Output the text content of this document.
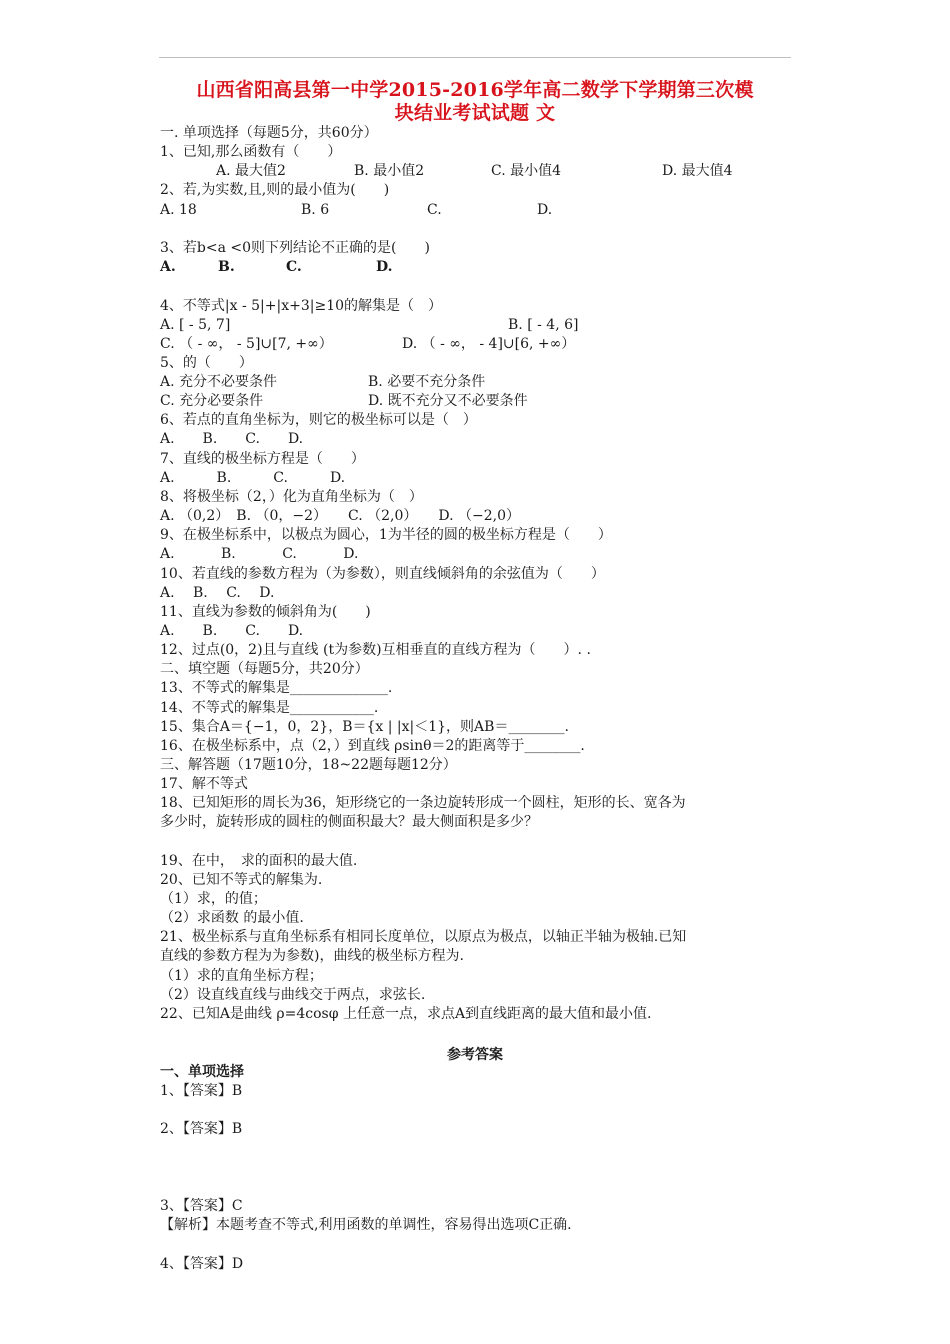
山西省阳高县第一中学2015-2016学年高二数学下学期第三次模
块结业考试试题 文
一. 单项选择（每题5分，共60分）
1、已知,那么函数有（　　）
A. 最大值2	B. 最小值2	C. 最小值4	D. 最大值4
2、若,为实数,且,则的最小值为(　　)
A. 18	B. 6	C.	D.
3、若b<a <0则下列结论不正确的是(　　)
A.	B.	C.	D.
4、不等式|x - 5|+|x+3|≥10的解集是（　）
A. [ - 5, 7]	B. [ - 4, 6]
C. （ - ∞， - 5]∪[7, +∞）	D. （ - ∞， - 4]∪[6, +∞）
5、的（　　）
A. 充分不必要条件	B. 必要不充分条件
C. 充分必要条件	D. 既不充分又不必要条件
6、若点的直角坐标为，则它的极坐标可以是（　）
A.　　B.　　C.　　D.
7、直线的极坐标方程是（　　）
A.　　　B.　　　C.　　　D.
8、将极坐标（2，）化为直角坐标为（　）
A. （0,2）　B. （0，−2）　　C. （2,0）　　D. （−2,0）
9、在极坐标系中，以极点为圆心，1为半径的圆的极坐标方程是（　　）
A.　　　 B.　　　 C.　　　 D.
10、若直线的参数方程为（为参数），则直线倾斜角的余弦值为（　　）
A.　 B.　 C.　 D.
11、直线为参数的倾斜角为(　　)
A.　　B.　　C.　　D.
12、过点(0，2)且与直线 (t为参数)互相垂直的直线方程为（　　）. .
二、填空题（每题5分，共20分）
13、不等式的解集是______________.
14、不等式的解集是____________.
15、集合A＝{−1，0，2}，B＝{x | |x|＜1}，则AB＝________.
16、在极坐标系中，点（2，）到直线 ρsinθ＝2的距离等于________.
三、解答题（17题10分，18~22题每题12分）
17、解不等式
18、已知矩形的周长为36，矩形绕它的一条边旋转形成一个圆柱，矩形的长、宽各为
多少时，旋转形成的圆柱的侧面积最大？最大侧面积是多少？
19、在中，　求的面积的最大值.
20、已知不等式的解集为.
（1）求，的值；
（2）求函数 的最小值.
21、极坐标系与直角坐标系有相同长度单位，以原点为极点，以轴正半轴为极轴.已知
直线的参数方程为为参数)，曲线的极坐标方程为.
（1）求的直角坐标方程；
（2）设直线直线与曲线交于两点，求弦长.
22、已知A是曲线 ρ=4cosφ 上任意一点，求点A到直线距离的最大值和最小值.
参考答案
一、单项选择
1、【答案】B
2、【答案】B
3、【答案】C
【解析】本题考查不等式,利用函数的单调性，容易得出选项C正确.
4、【答案】D
